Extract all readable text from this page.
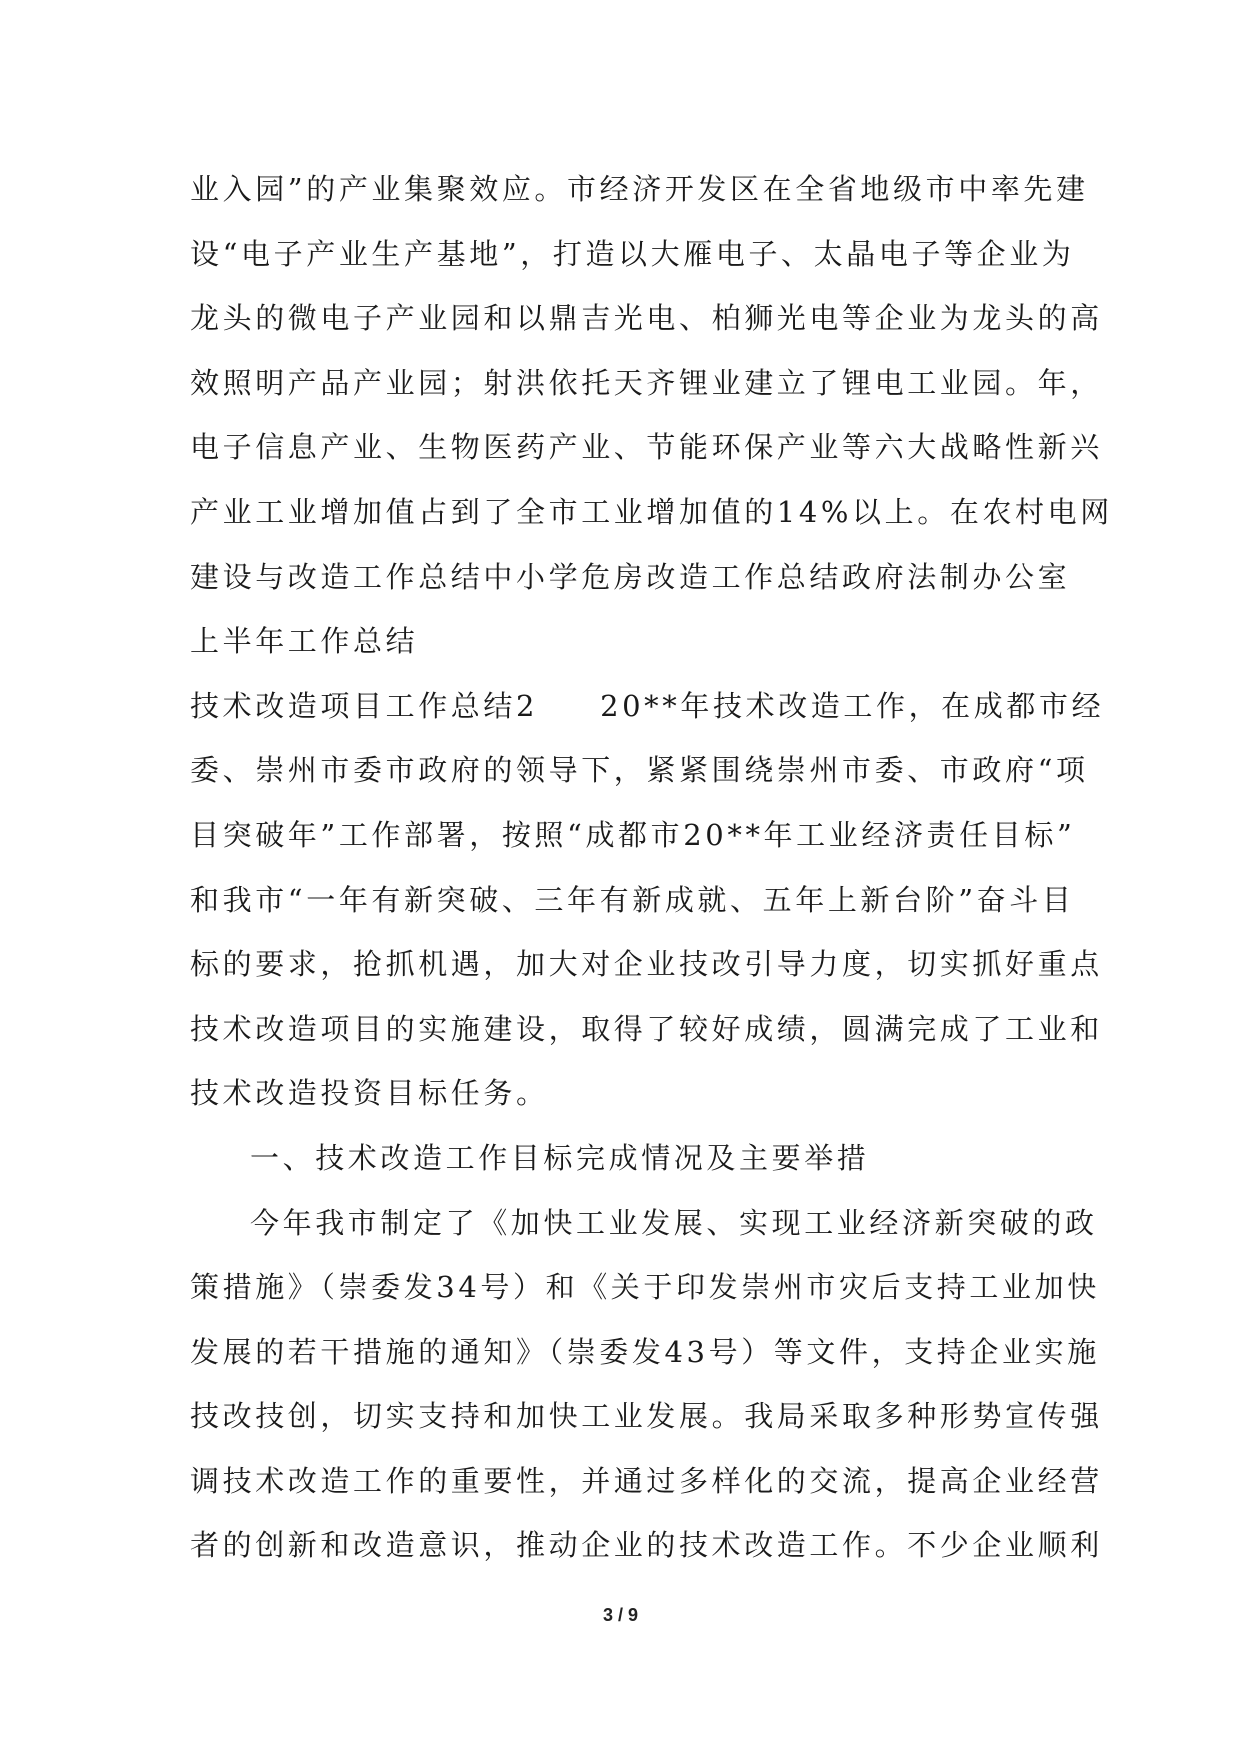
业入园”的产业集聚效应。市经济开发区在全省地级市中率先建
设“电子产业生产基地”，打造以大雁电子、太晶电子等企业为
龙头的微电子产业园和以鼎吉光电、柏狮光电等企业为龙头的高
效照明产品产业园；射洪依托天齐锂业建立了锂电工业园。年，
电子信息产业、生物医药产业、节能环保产业等六大战略性新兴
产业工业增加值占到了全市工业增加值的14%以上。在农村电网
建设与改造工作总结中小学危房改造工作总结政府法制办公室
上半年工作总结
技术改造项目工作总结2 20**年技术改造工作，在成都市经
委、崇州市委市政府的领导下，紧紧围绕崇州市委、市政府“项
目突破年”工作部署，按照“成都市20**年工业经济责任目标”
和我市“一年有新突破、三年有新成就、五年上新台阶”奋斗目
标的要求，抢抓机遇，加大对企业技改引导力度，切实抓好重点
技术改造项目的实施建设，取得了较好成绩，圆满完成了工业和
技术改造投资目标任务。
一、技术改造工作目标完成情况及主要举措
今年我市制定了《加快工业发展、实现工业经济新突破的政
策措施》（崇委发34号）和《关于印发崇州市灾后支持工业加快
发展的若干措施的通知》（崇委发43号）等文件，支持企业实施
技改技创，切实支持和加快工业发展。我局采取多种形势宣传强
调技术改造工作的重要性，并通过多样化的交流，提高企业经营
者的创新和改造意识，推动企业的技术改造工作。不少企业顺利
3 / 9
